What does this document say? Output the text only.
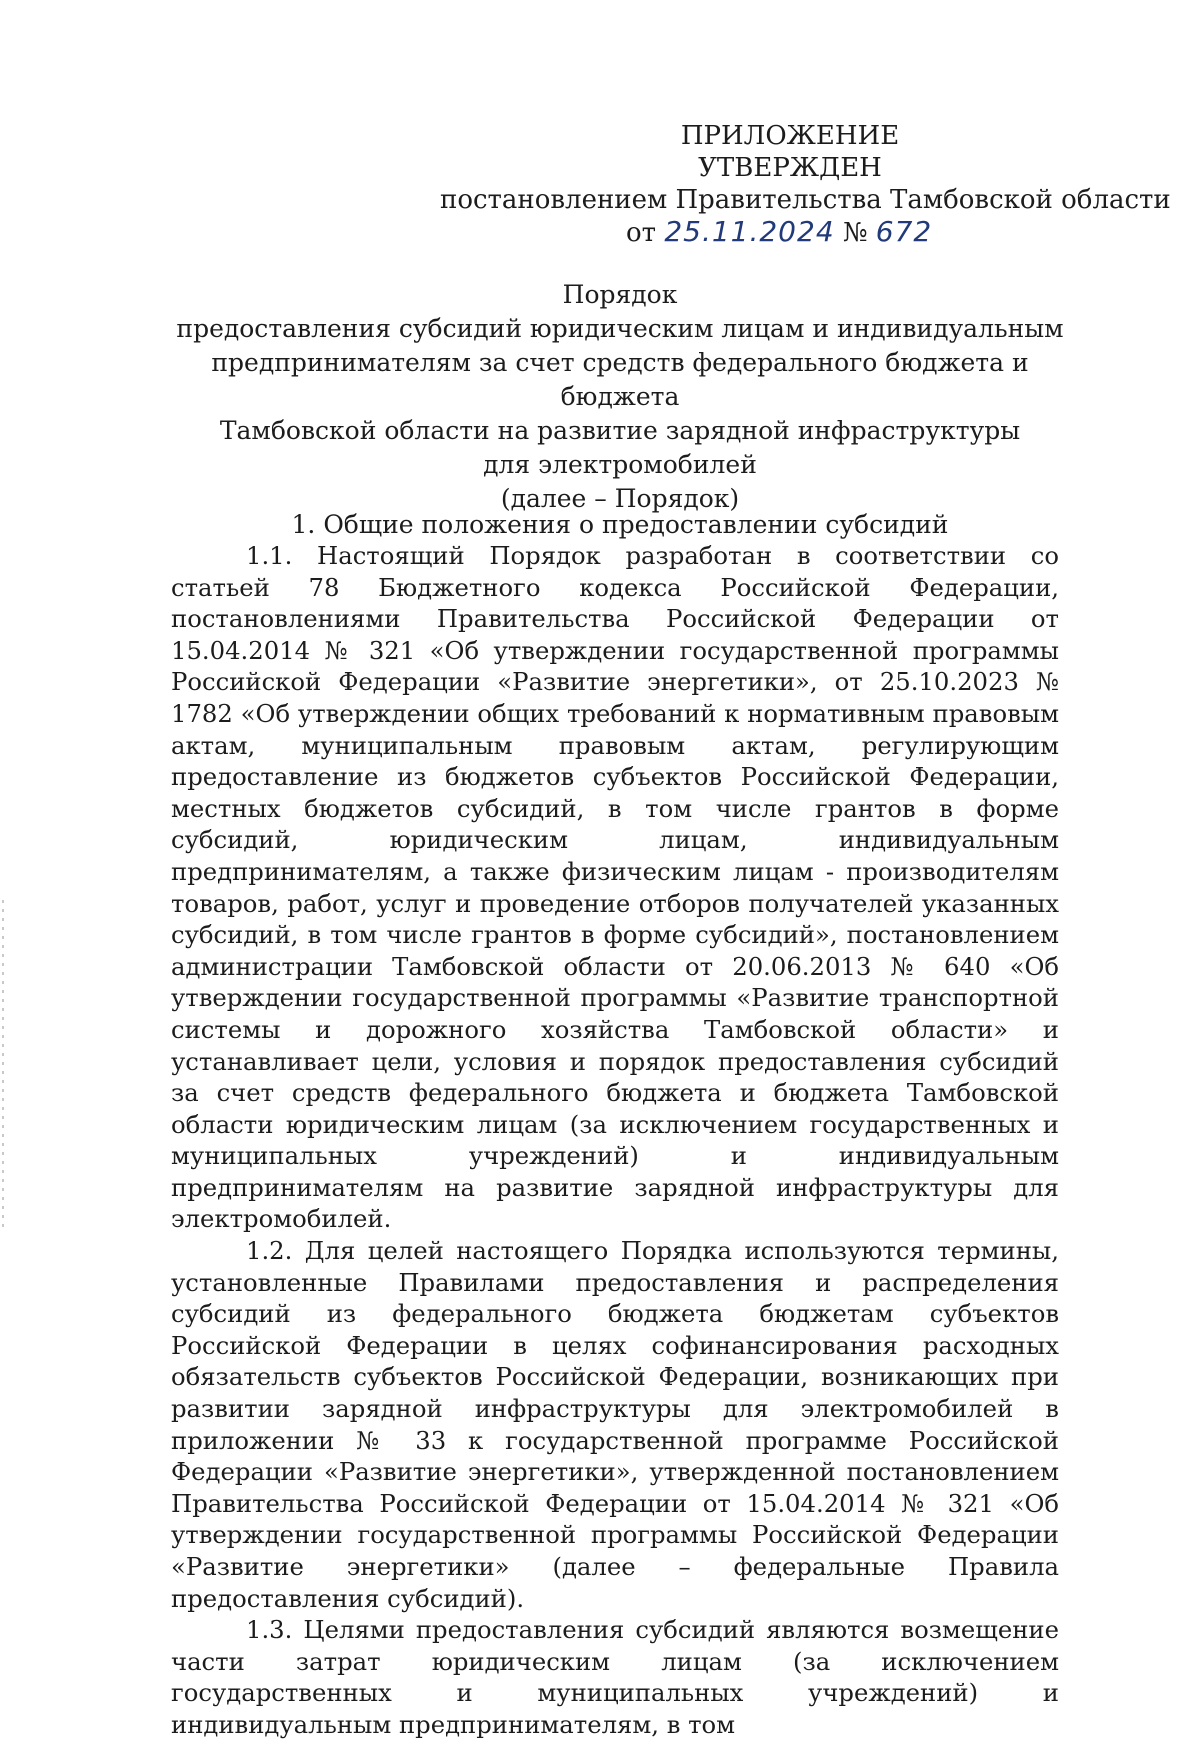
ПРИЛОЖЕНИЕ
УТВЕРЖДЕН
постановлением Правительства Тамбовской области
от 25.11.2024 № 672
Порядок
предоставления субсидий юридическим лицам и индивидуальным
предпринимателям за счет средств федерального бюджета и бюджета
Тамбовской области на развитие зарядной инфраструктуры
для электромобилей
(далее – Порядок)
1. Общие положения о предоставлении субсидий

1.1. Настоящий Порядок разработан в соответствии со статьей 78 Бюджетного кодекса Российской Федерации, постановлениями Правительства Российской Федерации от 15.04.2014 № 321 «Об утверждении государственной программы Российской Федерации «Развитие энергетики», от 25.10.2023 № 1782 «Об утверждении общих требований к нормативным правовым актам, муниципальным правовым актам, регулирующим предоставление из бюджетов субъектов Российской Федерации, местных бюджетов субсидий, в том числе грантов в форме субсидий, юридическим лицам, индивидуальным предпринимателям, а также физическим лицам - производителям товаров, работ, услуг и проведение отборов получателей указанных субсидий, в том числе грантов в форме субсидий», постановлением администрации Тамбовской области от 20.06.2013 № 640 «Об утверждении государственной программы «Развитие транспортной системы и дорожного хозяйства Тамбовской области» и устанавливает цели, условия и порядок предоставления субсидий за счет средств федерального бюджета и бюджета Тамбовской области юридическим лицам (за исключением государственных и муниципальных учреждений) и индивидуальным предпринимателям на развитие зарядной инфраструктуры для электромобилей.

1.2. Для целей настоящего Порядка используются термины, установленные Правилами предоставления и распределения субсидий из федерального бюджета бюджетам субъектов Российской Федерации в целях софинансирования расходных обязательств субъектов Российской Федерации, возникающих при развитии зарядной инфраструктуры для электромобилей в приложении № 33 к государственной программе Российской Федерации «Развитие энергетики», утвержденной постановлением Правительства Российской Федерации от 15.04.2014 № 321 «Об утверждении государственной программы Российской Федерации «Развитие энергетики» (далее – федеральные Правила предоставления субсидий).

1.3. Целями предоставления субсидий являются возмещение части затрат юридическим лицам (за исключением государственных и муниципальных учреждений) и индивидуальным предпринимателям, в том
